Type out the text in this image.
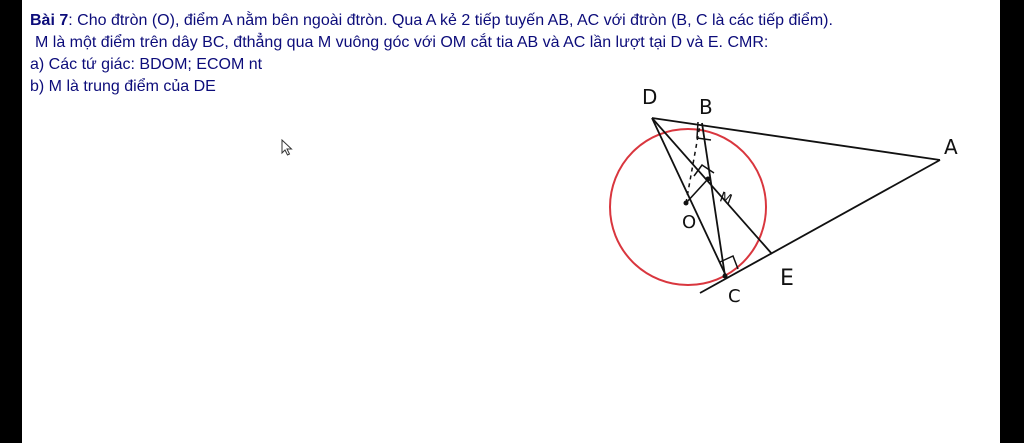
Bài 7: Cho đtròn (O), điểm A nằm bên ngoài đtròn. Qua A kẻ 2 tiếp tuyến AB, AC với đtròn (B, C là các tiếp điểm).
M là một điểm trên dây BC, đthẳng qua M vuông góc với OM cắt tia AB và AC lần lượt tại D và E. CMR:
a) Các tứ giác: BDOM; ECOM nt
b) M là trung điểm của DE	D B
A
M
O
C
E
